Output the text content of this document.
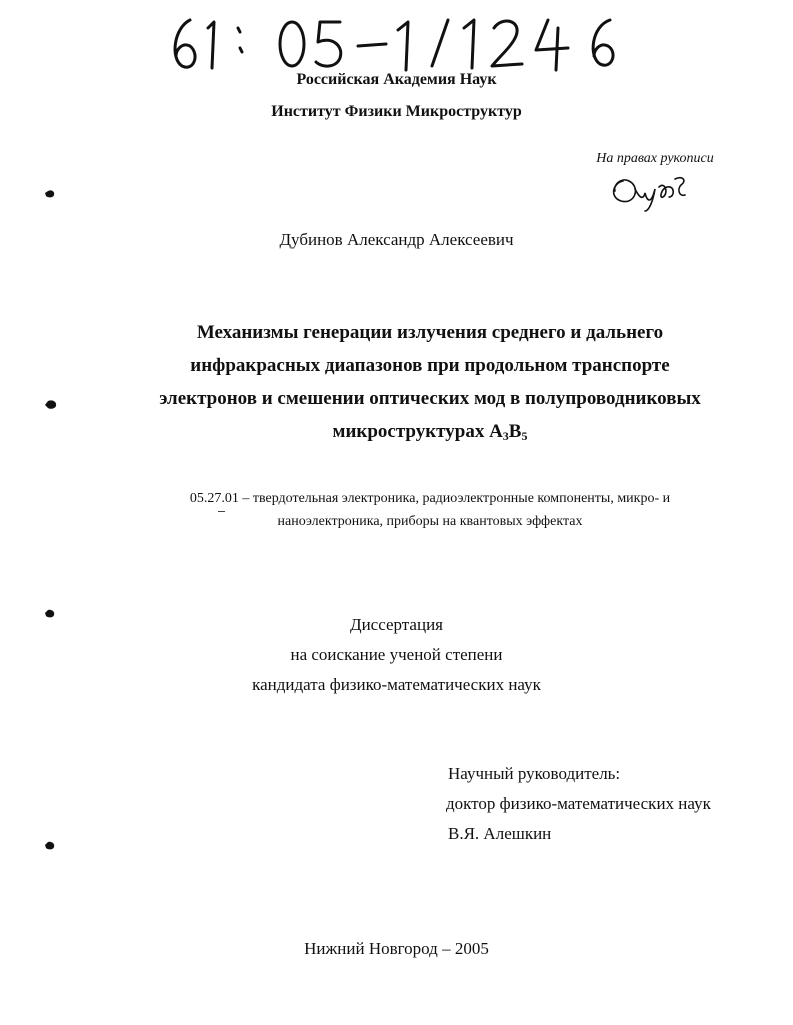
Российская Академия Наук
Институт Физики Микроструктур
На правах рукописи
Дубинов Александр Алексеевич
Механизмы генерации излучения среднего и дальнего
инфракрасных диапазонов при продольном транспорте
электронов и смешении оптических мод в полупроводниковых
микроструктурах $A_3B_5$
05.27.01 – твердотельная электроника, радиоэлектронные компоненты, микро- и
наноэлектроника, приборы на квантовых эффектах
Диссертация
на соискание ученой степени
кандидата физико-математических наук
Научный руководитель:
доктор физико-математических наук
В.Я. Алешкин
Нижний Новгород – 2005
